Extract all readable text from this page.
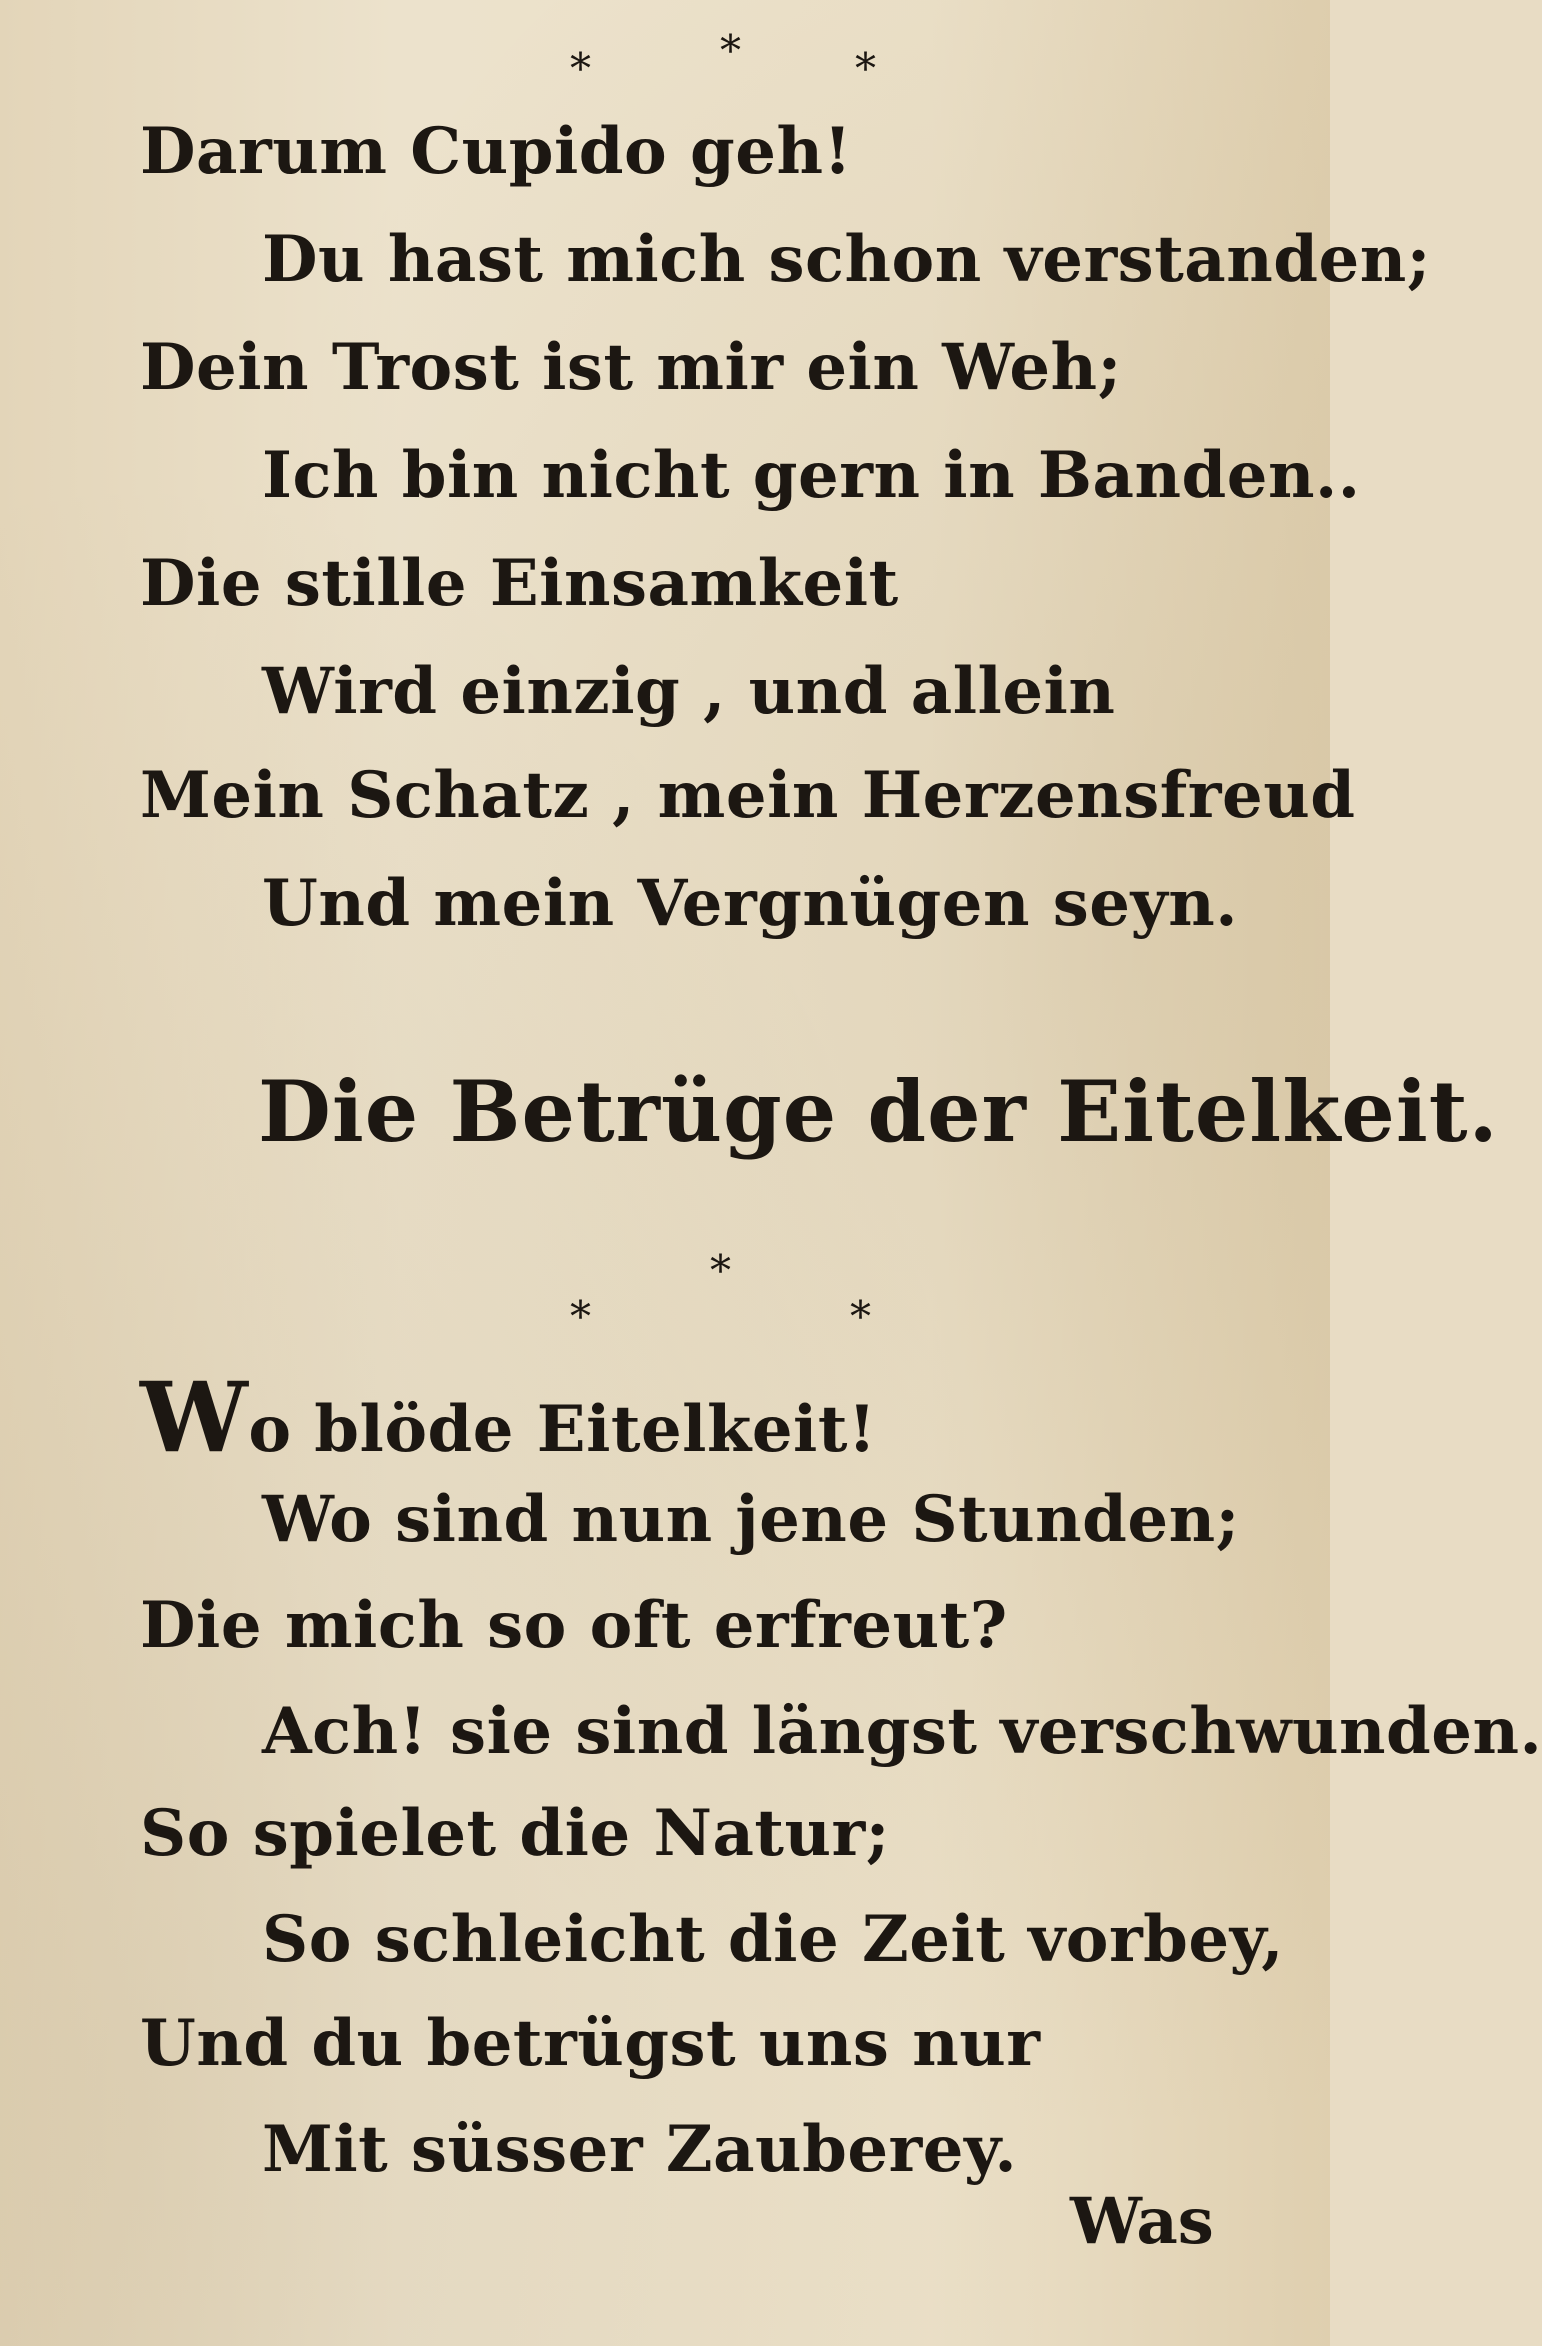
*	*	*
Darum Cupido geh!
Du hast mich schon verstanden;
Dein Trost ist mir ein Weh;
Ich bin nicht gern in Banden..
Die stille Einsamkeit
Wird einzig , und allein
Mein Schatz , mein Herzensfreud
Und mein Vergnügen seyn.
Die Betrüge der Eitelkeit.
*
*
*
Wo blöde Eitelkeit!
Wo sind nun jene Stunden;
Die mich so oft erfreut?
Ach! sie sind längst verschwunden.
So spielet die Natur;
So schleicht die Zeit vorbey,
Und du betrügst uns nur
Mit süsser Zauberey.
Was
